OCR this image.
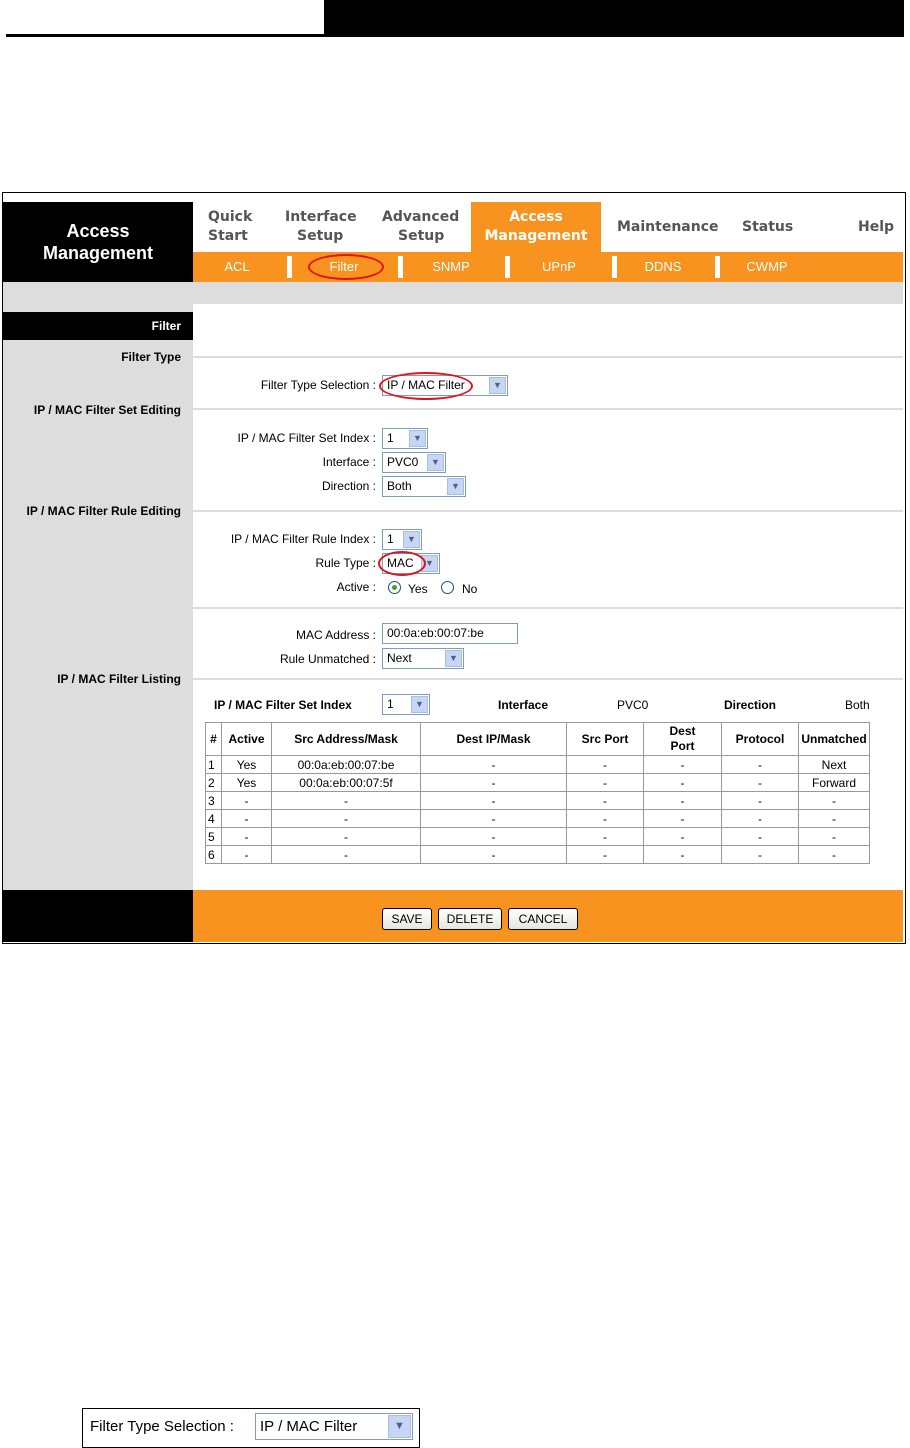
Access
Management
Quick
Start
Interface
Setup
Advanced
Setup
Access
Management
Maintenance Status	Help
ACL	Filter	SNMP	UPnP	DDNS	CWMP
Filter
Filter Type
IP / MAC Filter Set Editing
IP / MAC Filter Rule Editing
IP / MAC Filter Listing
Filter Type Selection : IP / MAC Filter	▼
IP / MAC Filter Set Index : 1	▼
Interface : PVC0	▼
Direction : Both	▼
IP / MAC Filter Rule Index : 1	▼
Rule Type : MAC	▼
Active :	Yes	No
MAC Address : 00:0a:eb:00:07:be
Rule Unmatched : Next	▼
IP / MAC Filter Set Index	1	▼	Interface	PVC0	Direction	Both
#	Active	Src Address/Mask	Dest IP/Mask	Src Port	Dest Port	Protocol	Unmatched
1	Yes	00:0a:eb:00:07:be	-	-	-	-	Next
2	Yes	00:0a:eb:00:07:5f	-	-	-	-	Forward
3	-	-	-	-	-	-	-
4	-	-	-	-	-	-	-
5	-	-	-	-	-	-	-
6	-	-	-	-	-	-	-
SAVE	DELETE	CANCEL
Filter Type Selection :	IP / MAC Filter	▼
